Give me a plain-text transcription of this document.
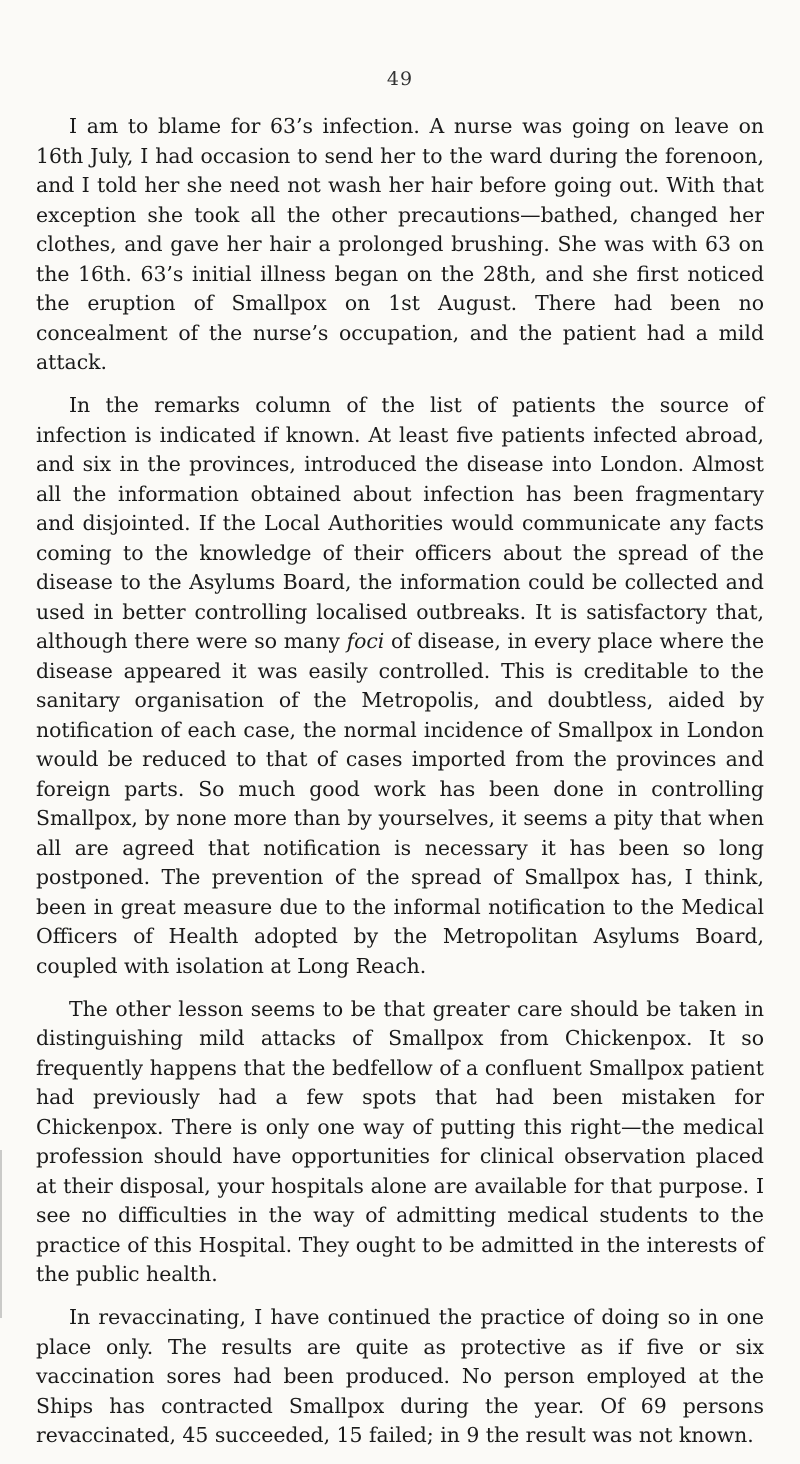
49

I am to blame for 63’s infection. A nurse was going on leave on 16th July, I had occasion to send her to the ward during the forenoon, and I told her she need not wash her hair before going out. With that exception she took all the other precautions—bathed, changed her clothes, and gave her hair a prolonged brushing. She was with 63 on the 16th. 63’s initial illness began on the 28th, and she first noticed the eruption of Smallpox on 1st August. There had been no concealment of the nurse’s occupation, and the patient had a mild attack.

In the remarks column of the list of patients the source of infection is indicated if known. At least five patients infected abroad, and six in the provinces, introduced the disease into London. Almost all the information obtained about infection has been fragmentary and disjointed. If the Local Authorities would communicate any facts coming to the knowledge of their officers about the spread of the disease to the Asylums Board, the information could be collected and used in better controlling localised outbreaks. It is satisfactory that, although there were so many foci of disease, in every place where the disease appeared it was easily controlled. This is creditable to the sanitary organisation of the Metropolis, and doubtless, aided by notification of each case, the normal incidence of Smallpox in London would be reduced to that of cases imported from the provinces and foreign parts. So much good work has been done in controlling Smallpox, by none more than by yourselves, it seems a pity that when all are agreed that notification is necessary it has been so long postponed. The prevention of the spread of Smallpox has, I think, been in great measure due to the informal notification to the Medical Officers of Health adopted by the Metropolitan Asylums Board, coupled with isolation at Long Reach.

The other lesson seems to be that greater care should be taken in distinguishing mild attacks of Smallpox from Chickenpox. It so frequently happens that the bedfellow of a confluent Smallpox patient had previously had a few spots that had been mistaken for Chickenpox. There is only one way of putting this right—the medical profession should have opportunities for clinical observation placed at their disposal, your hospitals alone are available for that purpose. I see no difficulties in the way of admitting medical students to the practice of this Hospital. They ought to be admitted in the interests of the public health.

In revaccinating, I have continued the practice of doing so in one place only. The results are quite as protective as if five or six vaccination sores had been produced. No person employed at the Ships has contracted Smallpox during the year. Of 69 persons revaccinated, 45 succeeded, 15 failed; in 9 the result was not known.
